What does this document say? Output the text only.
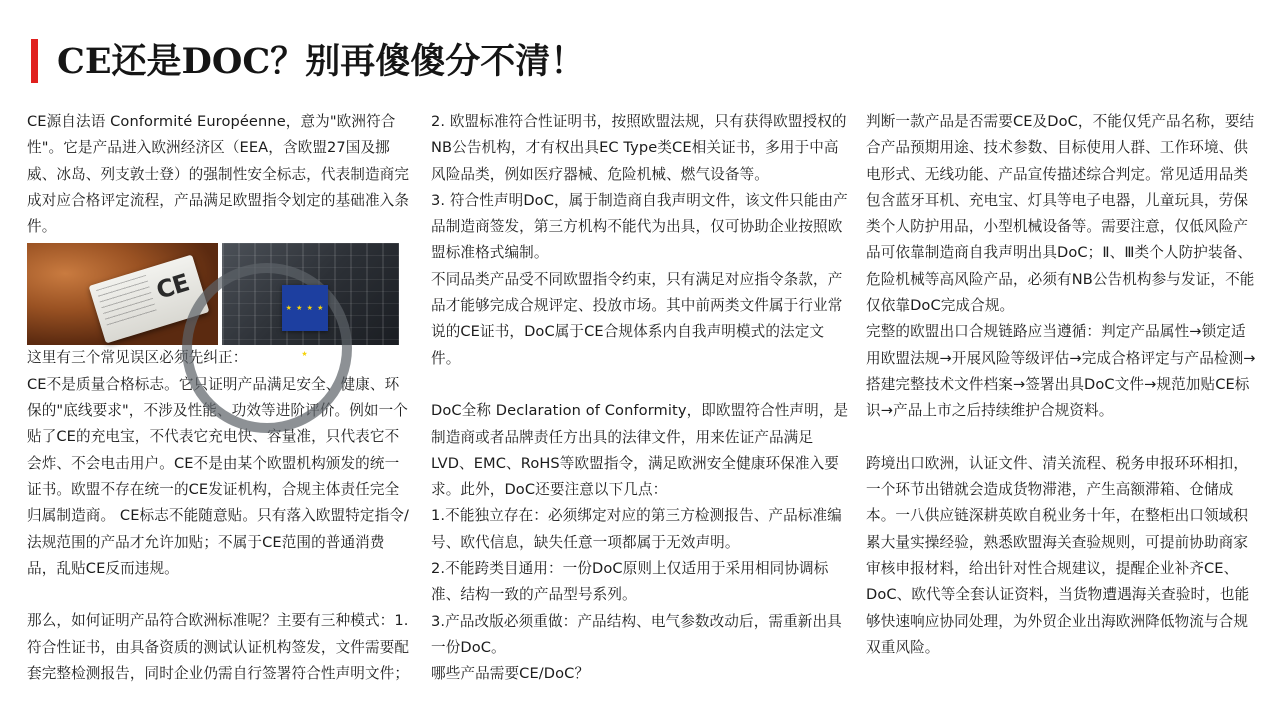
CE还是DOC？别再傻傻分不清！

CE源自法语 Conformité Européenne，意为"欧洲符合性"。它是产品进入欧洲经济区（EEA，含欧盟27国及挪威、冰岛、列支敦士登）的强制性安全标志，代表制造商完成对应合格评定流程，产品满足欧盟指令划定的基础准入条件。

CE
★ ★ ★ ★ ★

这里有三个常见误区必须先纠正：

CE不是质量合格标志。它只证明产品满足安全、健康、环保的"底线要求"，不涉及性能、功效等进阶评价。例如一个贴了CE的充电宝，不代表它充电快、容量准，只代表它不会炸、不会电击用户。CE不是由某个欧盟机构颁发的统一证书。欧盟不存在统一的CE发证机构，合规主体责任完全归属制造商。 CE标志不能随意贴。只有落入欧盟特定指令/法规范围的产品才允许加贴；不属于CE范围的普通消费品，乱贴CE反而违规。

那么，如何证明产品符合欧洲标准呢？主要有三种模式：1.符合性证书，由具备资质的测试认证机构签发，文件需要配套完整检测报告，同时企业仍需自行签署符合性声明文件；

2. 欧盟标准符合性证明书，按照欧盟法规，只有获得欧盟授权的NB公告机构，才有权出具EC Type类CE相关证书，多用于中高风险品类，例如医疗器械、危险机械、燃气设备等。

3. 符合性声明DoC，属于制造商自我声明文件，该文件只能由产品制造商签发，第三方机构不能代为出具，仅可协助企业按照欧盟标准格式编制。

不同品类产品受不同欧盟指令约束，只有满足对应指令条款，产品才能够完成合规评定、投放市场。其中前两类文件属于行业常说的CE证书，DoC属于CE合规体系内自我声明模式的法定文件。

DoC全称 Declaration of Conformity，即欧盟符合性声明，是制造商或者品牌责任方出具的法律文件，用来佐证产品满足LVD、EMC、RoHS等欧盟指令，满足欧洲安全健康环保准入要求。此外，DoC还要注意以下几点：

1.不能独立存在：必须绑定对应的第三方检测报告、产品标准编号、欧代信息，缺失任意一项都属于无效声明。

2.不能跨类目通用：一份DoC原则上仅适用于采用相同协调标准、结构一致的产品型号系列。

3.产品改版必须重做：产品结构、电气参数改动后，需重新出具一份DoC。

哪些产品需要CE/DoC？

判断一款产品是否需要CE及DoC，不能仅凭产品名称，要结合产品预期用途、技术参数、目标使用人群、工作环境、供电形式、无线功能、产品宣传描述综合判定。常见适用品类包含蓝牙耳机、充电宝、灯具等电子电器，儿童玩具，劳保类个人防护用品，小型机械设备等。需要注意，仅低风险产品可依靠制造商自我声明出具DoC；Ⅱ、Ⅲ类个人防护装备、危险机械等高风险产品，必须有NB公告机构参与发证，不能仅依靠DoC完成合规。

完整的欧盟出口合规链路应当遵循：判定产品属性→锁定适用欧盟法规→开展风险等级评估→完成合格评定与产品检测→搭建完整技术文件档案→签署出具DoC文件→规范加贴CE标识→产品上市之后持续维护合规资料。

跨境出口欧洲，认证文件、清关流程、税务申报环环相扣，一个环节出错就会造成货物滞港，产生高额滞箱、仓储成本。一八供应链深耕英欧自税业务十年，在整柜出口领域积累大量实操经验，熟悉欧盟海关查验规则，可提前协助商家审核申报材料，给出针对性合规建议，提醒企业补齐CE、DoC、欧代等全套认证资料，当货物遭遇海关查验时，也能够快速响应协同处理，为外贸企业出海欧洲降低物流与合规双重风险。
